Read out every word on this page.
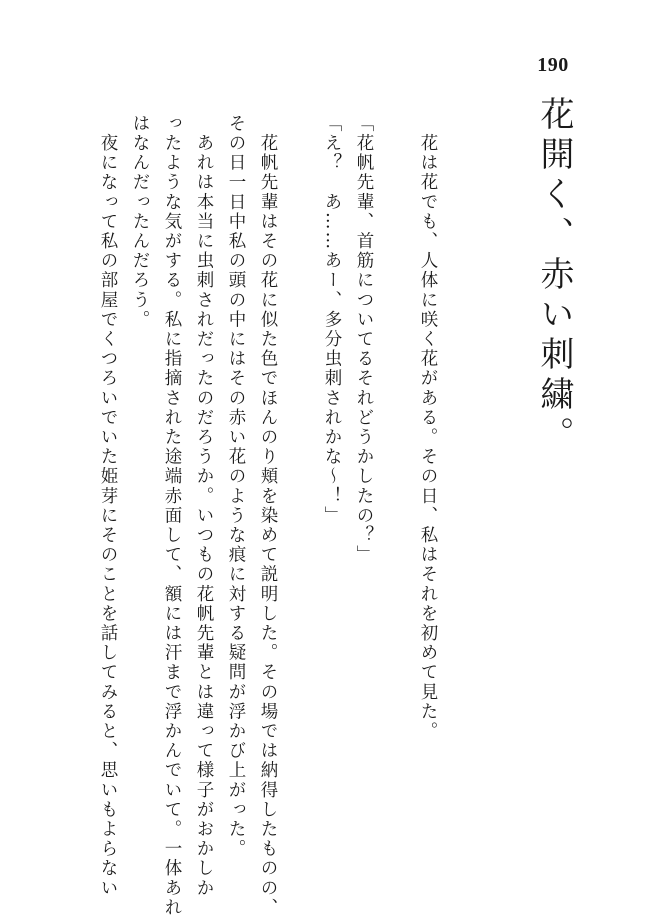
190
花開く、赤い刺繍。

　花は花でも、人体に咲く花がある。その日、私はそれを初めて見た。

「花帆先輩、首筋についてるそれどうかしたの？」

「え？　あ……あー、多分虫刺されかな～！」

　花帆先輩はその花に似た色でほんのり頬を染めて説明した。その場では納得したものの、

その日一日中私の頭の中にはその赤い花のような痕に対する疑問が浮かび上がった。

　あれは本当に虫刺されだったのだろうか。いつもの花帆先輩とは違って様子がおかしか

ったような気がする。私に指摘された途端赤面して、額には汗まで浮かんでいて。一体あれ

はなんだったんだろう。

　夜になって私の部屋でくつろいでいた姫芽にそのことを話してみると、思いもよらない
